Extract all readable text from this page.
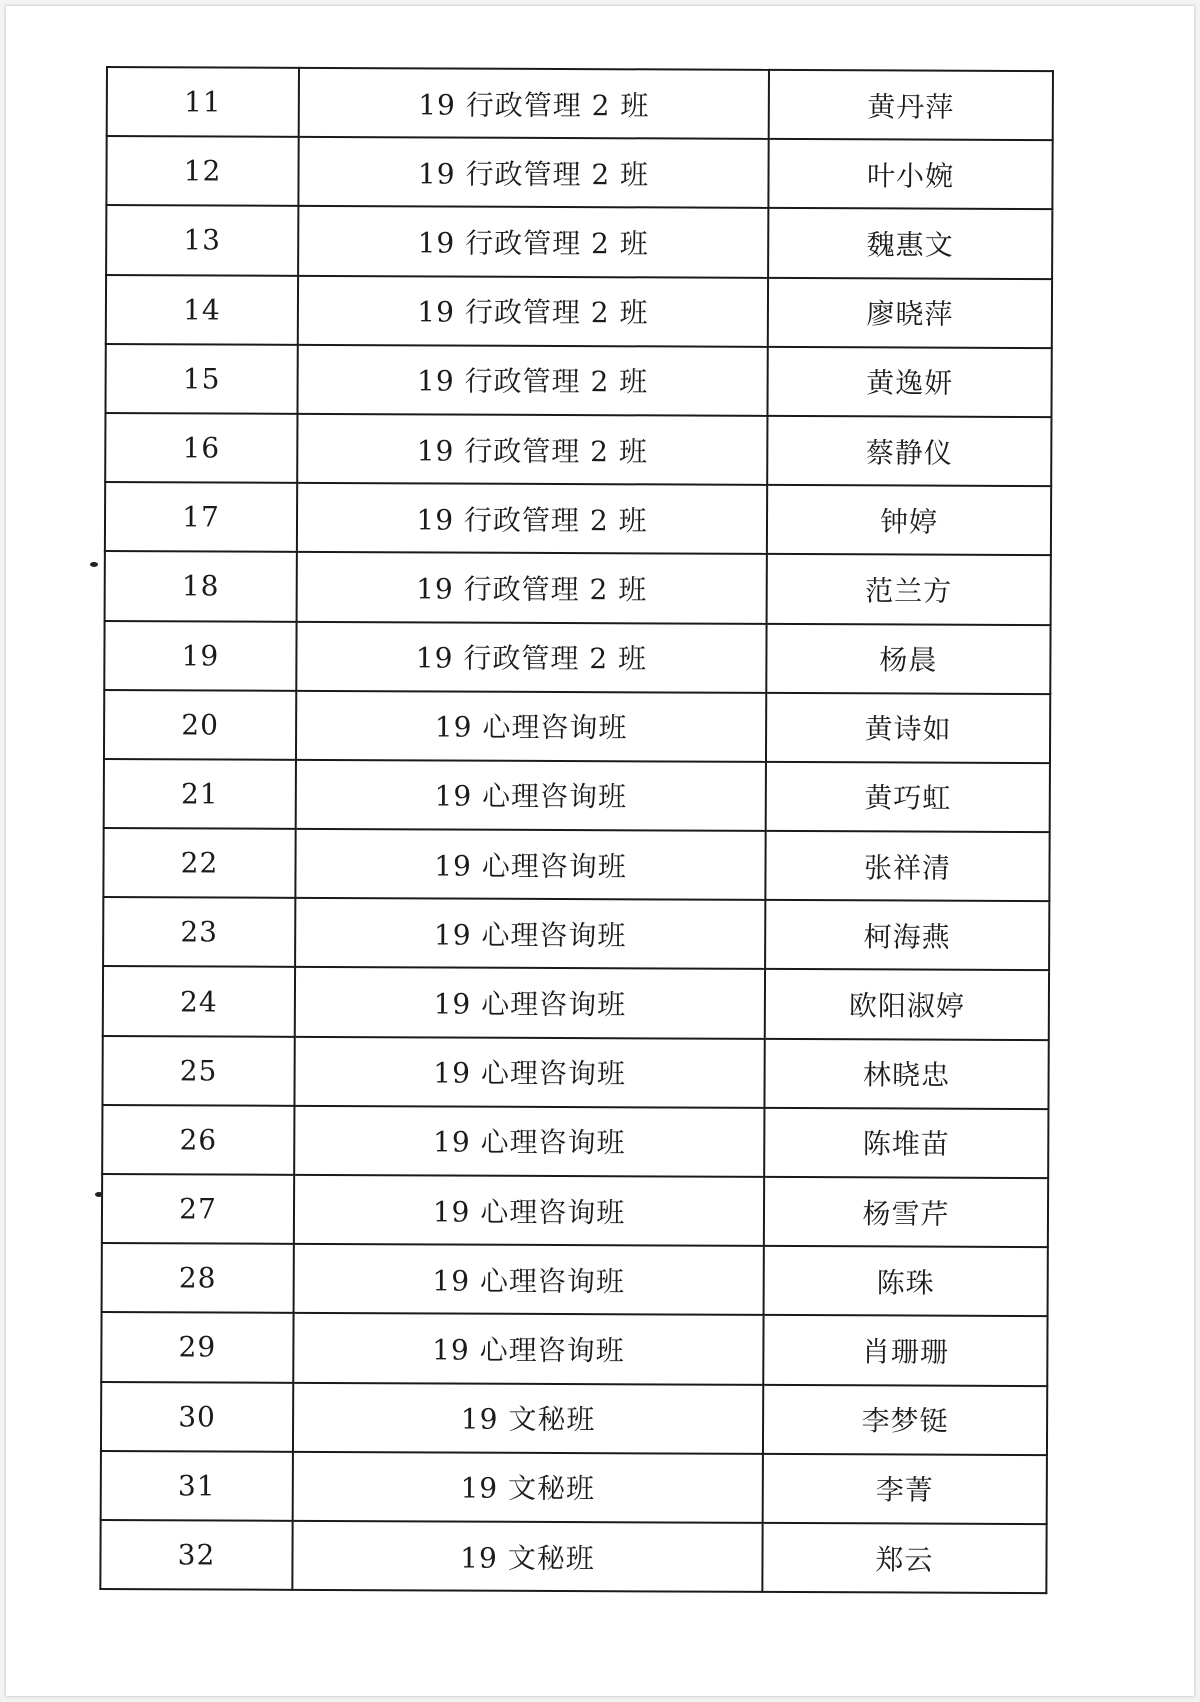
11	19 行政管理 2 班	黄丹萍
12	19 行政管理 2 班	叶小婉
13	19 行政管理 2 班	魏惠文
14	19 行政管理 2 班	廖晓萍
15	19 行政管理 2 班	黄逸妍
16	19 行政管理 2 班	蔡静仪
17	19 行政管理 2 班	钟婷
18	19 行政管理 2 班	范兰方
19	19 行政管理 2 班	杨晨
20	19 心理咨询班	黄诗如
21	19 心理咨询班	黄巧虹
22	19 心理咨询班	张祥清
23	19 心理咨询班	柯海燕
24	19 心理咨询班	欧阳淑婷
25	19 心理咨询班	林晓忠
26	19 心理咨询班	陈堆苗
27	19 心理咨询班	杨雪芹
28	19 心理咨询班	陈珠
29	19 心理咨询班	肖珊珊
30	19 文秘班	李梦铤
31	19 文秘班	李菁
32	19 文秘班	郑云
